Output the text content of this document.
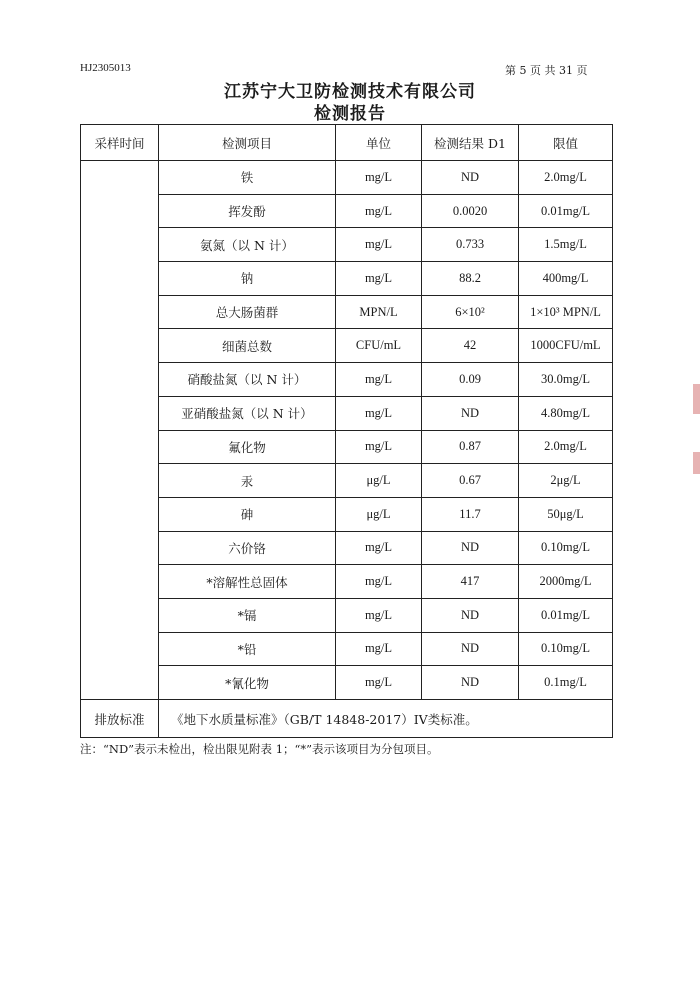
HJ2305013	第 5 页 共 31 页
江苏宁大卫防检测技术有限公司
检测报告
采样时间	检测项目	单位	检测结果 D1	限值
	铁	mg/L	ND	2.0mg/L
	挥发酚	mg/L	0.0020	0.01mg/L
	氨氮（以 N 计）	mg/L	0.733	1.5mg/L
	钠	mg/L	88.2	400mg/L
	总大肠菌群	MPN/L	6×10²	1×10³ MPN/L
	细菌总数	CFU/mL	42	1000CFU/mL
	硝酸盐氮（以 N 计）	mg/L	0.09	30.0mg/L
	亚硝酸盐氮（以 N 计）	mg/L	ND	4.80mg/L
	氟化物	mg/L	0.87	2.0mg/L
	汞	μg/L	0.67	2μg/L
	砷	μg/L	11.7	50μg/L
	六价铬	mg/L	ND	0.10mg/L
	*溶解性总固体	mg/L	417	2000mg/L
	*镉	mg/L	ND	0.01mg/L
	*铅	mg/L	ND	0.10mg/L
	*氰化物	mg/L	ND	0.1mg/L
排放标准	《地下水质量标准》（GB/T 14848-2017）IV类标准。			
注：“ND”表示未检出，检出限见附表 1；“*”表示该项目为分包项目。
